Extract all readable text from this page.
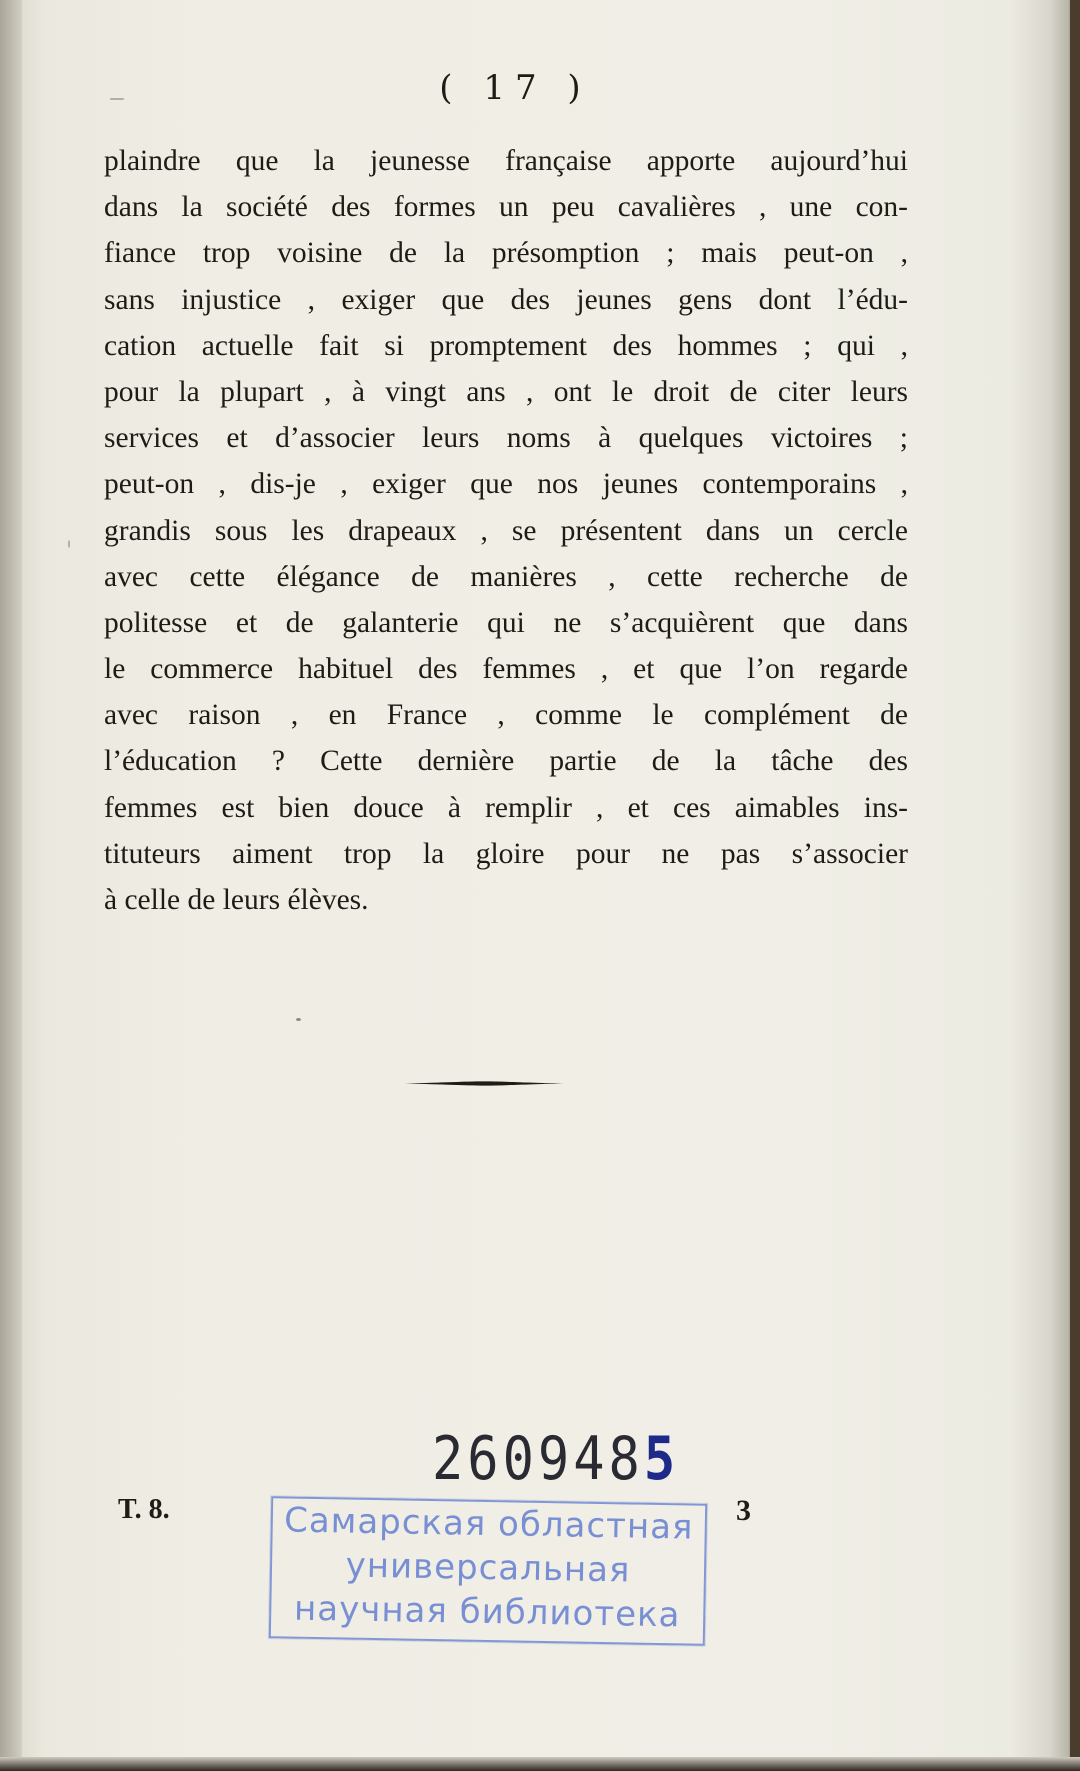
( 17 )
plaindre que la jeunesse française apporte aujourd’hui
dans la société des formes un peu cavalières , une con-
fiance trop voisine de la présomption ; mais peut-on ,
sans injustice , exiger que des jeunes gens dont l’édu-
cation actuelle fait si promptement des hommes ; qui ,
pour la plupart , à vingt ans , ont le droit de citer leurs
services et d’associer leurs noms à quelques victoires ;
peut-on , dis-je , exiger que nos jeunes contemporains ,
grandis sous les drapeaux , se présentent dans un cercle
avec cette élégance de manières , cette recherche de
politesse et de galanterie qui ne s’acquièrent que dans
le commerce habituel des femmes , et que l’on regarde
avec raison , en France , comme le complément de
l’éducation ? Cette dernière partie de la tâche des
femmes est bien douce à remplir , et ces aimables ins-
tituteurs aiment trop la gloire pour ne pas s’associer
à celle de leurs élèves.
2609485
T. 8.	3
Самарская областная
универсальная
научная библиотека
